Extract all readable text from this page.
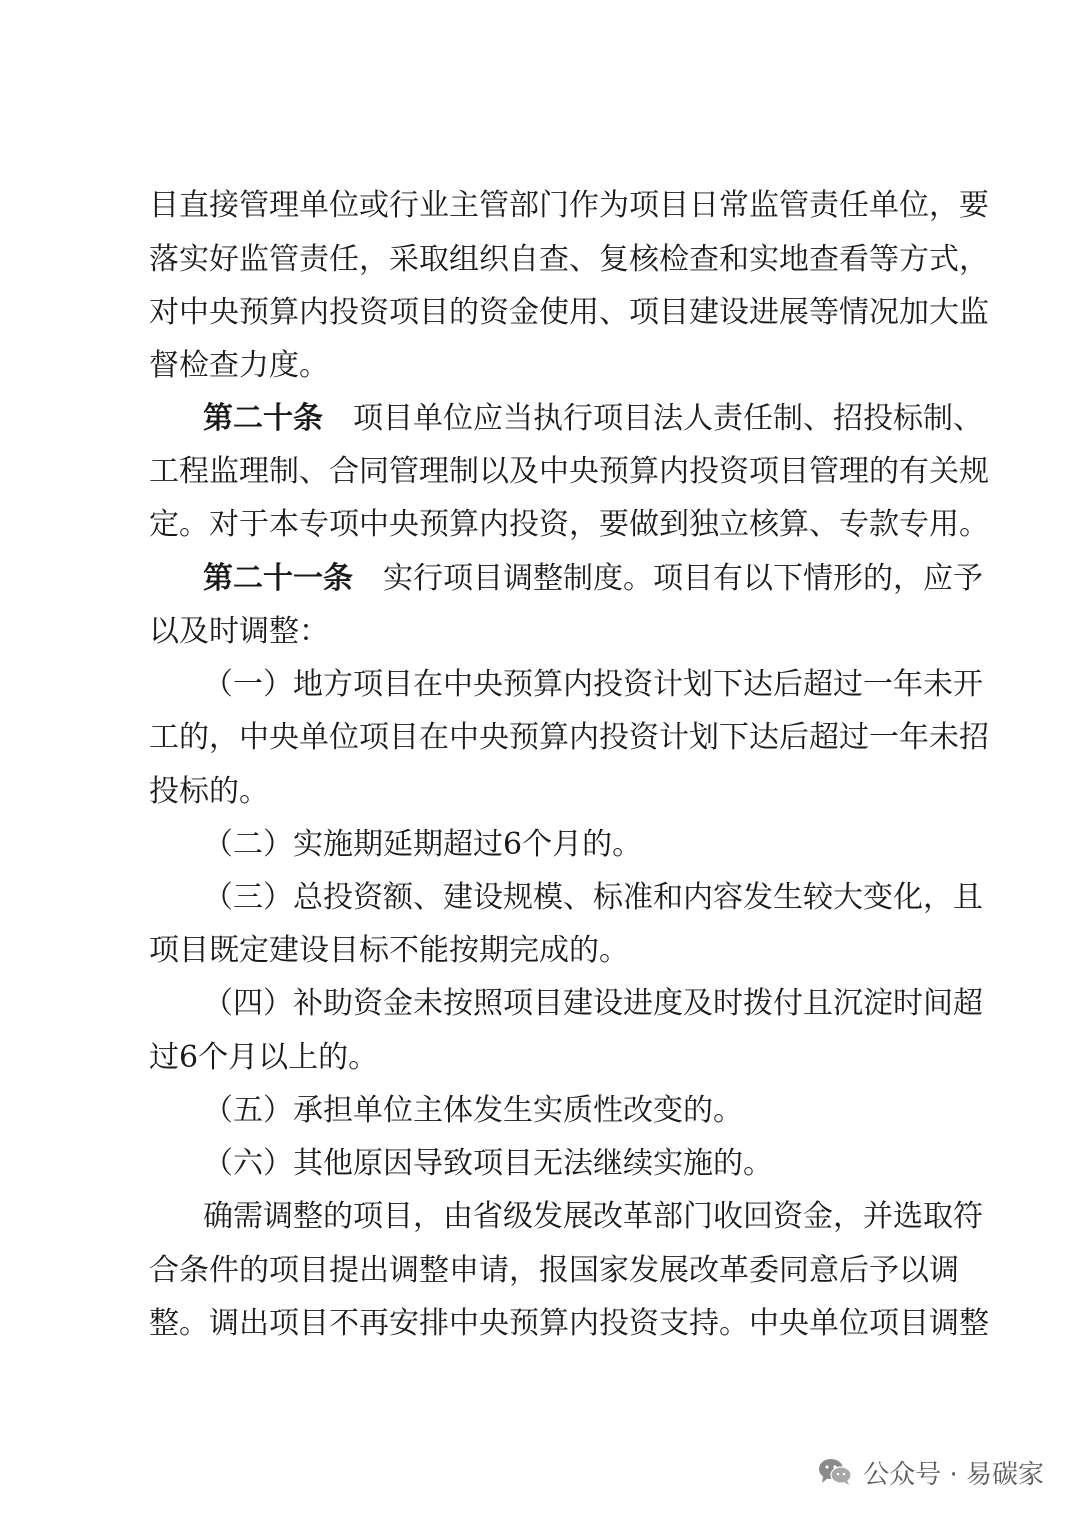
目直接管理单位或行业主管部门作为项目日常监管责任单位，要
落实好监管责任，采取组织自查、复核检查和实地查看等方式，
对中央预算内投资项目的资金使用、项目建设进展等情况加大监
督检查力度。
第二十条 项目单位应当执行项目法人责任制、招投标制、
工程监理制、合同管理制以及中央预算内投资项目管理的有关规
定。对于本专项中央预算内投资，要做到独立核算、专款专用。
第二十一条 实行项目调整制度。项目有以下情形的，应予
以及时调整：
（一）地方项目在中央预算内投资计划下达后超过一年未开
工的，中央单位项目在中央预算内投资计划下达后超过一年未招
投标的。
（二）实施期延期超过6个月的。
（三）总投资额、建设规模、标准和内容发生较大变化，且
项目既定建设目标不能按期完成的。
（四）补助资金未按照项目建设进度及时拨付且沉淀时间超
过6个月以上的。
（五）承担单位主体发生实质性改变的。
（六）其他原因导致项目无法继续实施的。
确需调整的项目，由省级发展改革部门收回资金，并选取符
合条件的项目提出调整申请，报国家发展改革委同意后予以调
整。调出项目不再安排中央预算内投资支持。中央单位项目调整
公众号 · 易碳家
